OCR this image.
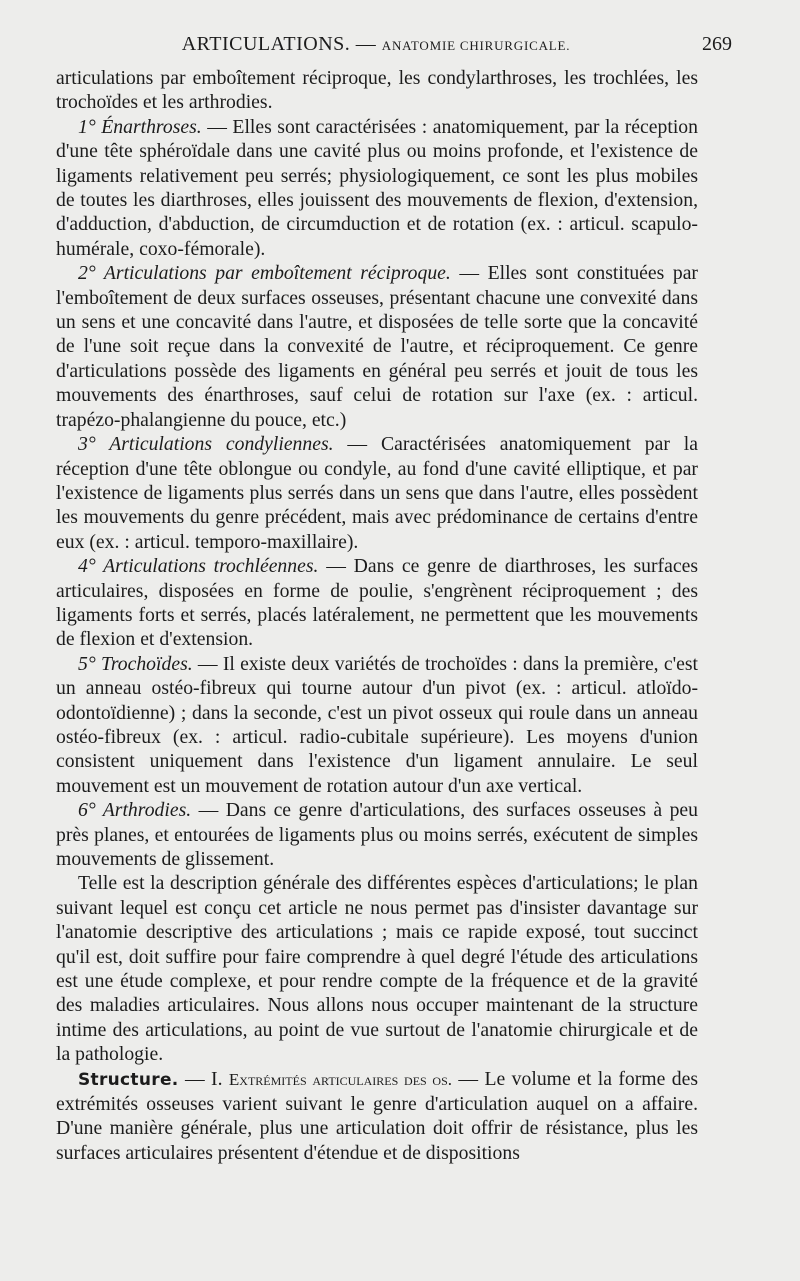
ARTICULATIONS. — ANATOMIE CHIRURGICALE.	269

articulations par emboîtement réciproque, les condylarthroses, les trochlées, les trochoïdes et les arthrodies.

1° Énarthroses. — Elles sont caractérisées : anatomiquement, par la réception d'une tête sphéroïdale dans une cavité plus ou moins profonde, et l'existence de ligaments relativement peu serrés; physiologiquement, ce sont les plus mobiles de toutes les diarthroses, elles jouissent des mouvements de flexion, d'extension, d'adduction, d'abduction, de circumduction et de rotation (ex. : articul. scapulo-humérale, coxo-fémorale).

2° Articulations par emboîtement réciproque. — Elles sont constituées par l'emboîtement de deux surfaces osseuses, présentant chacune une convexité dans un sens et une concavité dans l'autre, et disposées de telle sorte que la concavité de l'une soit reçue dans la convexité de l'autre, et réciproquement. Ce genre d'articulations possède des ligaments en général peu serrés et jouit de tous les mouvements des énarthroses, sauf celui de rotation sur l'axe (ex. : articul. trapézo-phalangienne du pouce, etc.)

3° Articulations condyliennes. — Caractérisées anatomiquement par la réception d'une tête oblongue ou condyle, au fond d'une cavité elliptique, et par l'existence de ligaments plus serrés dans un sens que dans l'autre, elles possèdent les mouvements du genre précédent, mais avec prédominance de certains d'entre eux (ex. : articul. temporo-maxillaire).

4° Articulations trochléennes. — Dans ce genre de diarthroses, les surfaces articulaires, disposées en forme de poulie, s'engrènent réciproquement ; des ligaments forts et serrés, placés latéralement, ne permettent que les mouvements de flexion et d'extension.

5° Trochoïdes. — Il existe deux variétés de trochoïdes : dans la première, c'est un anneau ostéo-fibreux qui tourne autour d'un pivot (ex. : articul. atloïdo-odontoïdienne) ; dans la seconde, c'est un pivot osseux qui roule dans un anneau ostéo-fibreux (ex. : articul. radio-cubitale supérieure). Les moyens d'union consistent uniquement dans l'existence d'un ligament annulaire. Le seul mouvement est un mouvement de rotation autour d'un axe vertical.

6° Arthrodies. — Dans ce genre d'articulations, des surfaces osseuses à peu près planes, et entourées de ligaments plus ou moins serrés, exécutent de simples mouvements de glissement.

Telle est la description générale des différentes espèces d'articulations; le plan suivant lequel est conçu cet article ne nous permet pas d'insister davantage sur l'anatomie descriptive des articulations ; mais ce rapide exposé, tout succinct qu'il est, doit suffire pour faire comprendre à quel degré l'étude des articulations est une étude complexe, et pour rendre compte de la fréquence et de la gravité des maladies articulaires. Nous allons nous occuper maintenant de la structure intime des articulations, au point de vue surtout de l'anatomie chirurgicale et de la pathologie.

Structure. — I. Extrémités articulaires des os. — Le volume et la forme des extrémités osseuses varient suivant le genre d'articulation auquel on a affaire. D'une manière générale, plus une articulation doit offrir de résistance, plus les surfaces articulaires présentent d'étendue et de dispositions
